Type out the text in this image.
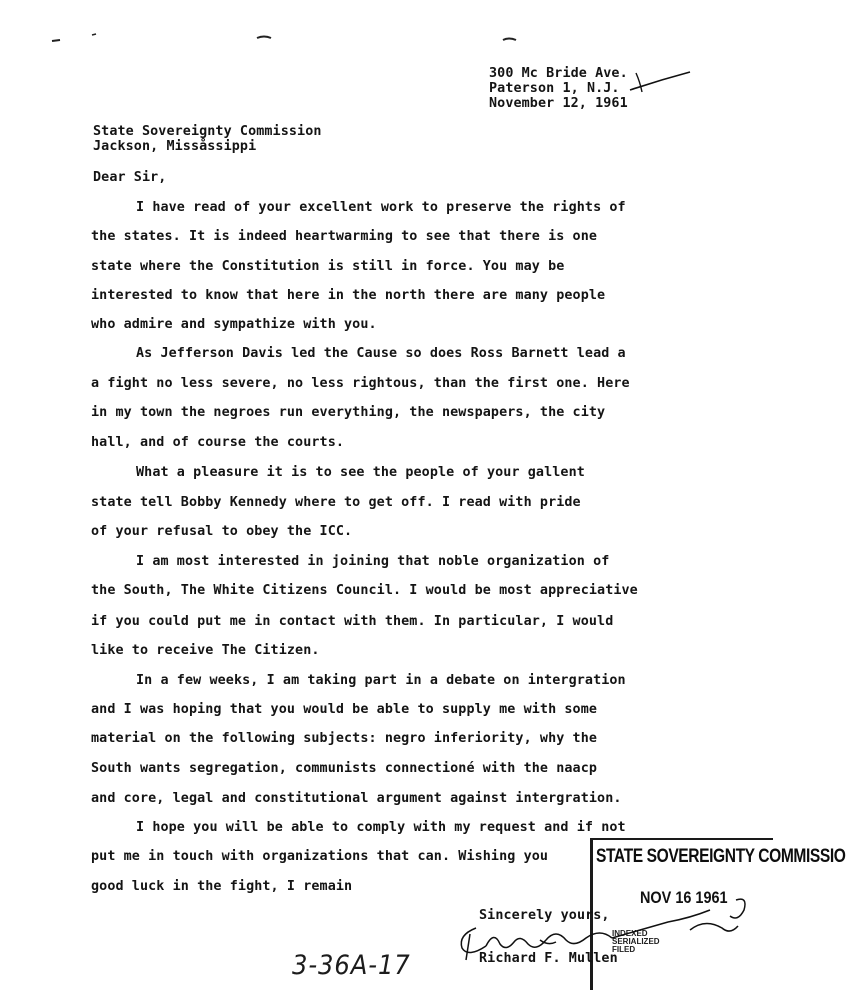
300 Mc Bride Ave.
Paterson 1, N.J.
November 12, 1961
State Sovereignty Commission
Jackson, Missåssippi
Dear Sir,
I have read of your excellent work to preserve the rights of
the states. It is indeed heartwarming to see that there is one
state where the Constitution is still in force. You may be
interested to know that here in the north there are many people
who admire and sympathize with you.
As Jefferson Davis led the Cause so does Ross Barnett lead a
a fight no less severe, no less rightous, than the first one. Here
in my town the negroes run everything, the newspapers, the city
hall, and of course the courts.
What a pleasure it is to see the people of your gallent
state tell Bobby Kennedy where to get off. I read with pride
of your refusal to obey the ICC.
I am most interested in joining that noble organization of
the South, The White Citizens Council. I would be most appreciative
if you could put me in contact with them. In particular, I would
like to receive The Citizen.
In a few weeks, I am taking part in a debate on intergration
and I was hoping that you would be able to supply me with some
material on the following subjects: negro inferiority, why the
South wants segregation, communists connectioné with the naacp
and core, legal and constitutional argument against intergration.
I hope you will be able to comply with my request and if not
put me in touch with organizations that can. Wishing you
good luck in the fight, I remain
STATE SOVEREIGNTY COMMISSIO
NOV 16 1961
INDEXED
SERIALIZED
FILED
Sincerely yours,
Richard F. Mullen
3-36A-17
